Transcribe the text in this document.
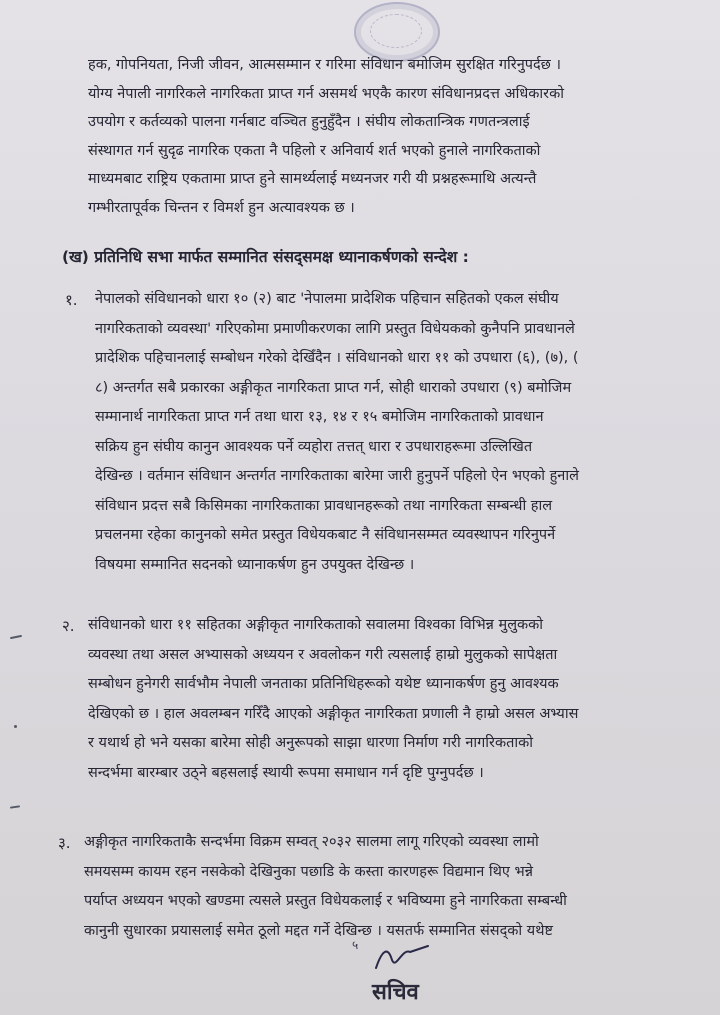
हक, गोपनियता, निजी जीवन, आत्मसम्मान र गरिमा संविधान बमोजिम सुरक्षित गरिनुपर्दछ ।
योग्य नेपाली नागरिकले नागरिकता प्राप्त गर्न असमर्थ भएकै कारण संविधानप्रदत्त अधिकारको
उपयोग र कर्तव्यको पालना गर्नबाट वञ्चित हुनुहुँदैन । संघीय लोकतान्त्रिक गणतन्त्रलाई
संस्थागत गर्न सुदृढ नागरिक एकता नै पहिलो र अनिवार्य शर्त भएको हुनाले नागरिकताको
माध्यमबाट राष्ट्रिय एकतामा प्राप्त हुने सामर्थ्यलाई मध्यनजर गरी यी प्रश्नहरूमाथि अत्यन्तै
गम्भीरतापूर्वक चिन्तन र विमर्श हुन अत्यावश्यक छ ।
(ख) प्रतिनिधि सभा मार्फत सम्मानित संसद्समक्ष ध्यानाकर्षणको सन्देश :
१. नेपालको संविधानको धारा १० (२) बाट 'नेपालमा प्रादेशिक पहिचान सहितको एकल संघीय
नागरिकताको व्यवस्था' गरिएकोमा प्रमाणीकरणका लागि प्रस्तुत विधेयकको कुनैपनि प्रावधानले
प्रादेशिक पहिचानलाई सम्बोधन गरेको देखिँदैन । संविधानको धारा ११ को उपधारा (६), (७), (
८) अन्तर्गत सबै प्रकारका अङ्गीकृत नागरिकता प्राप्त गर्न, सोही धाराको उपधारा (९) बमोजिम
सम्मानार्थ नागरिकता प्राप्त गर्न तथा धारा १३, १४ र १५ बमोजिम नागरिकताको प्रावधान
सक्रिय हुन संघीय कानुन आवश्यक पर्ने व्यहोरा तत्तत् धारा र उपधाराहरूमा उल्लिखित
देखिन्छ । वर्तमान संविधान अन्तर्गत नागरिकताका बारेमा जारी हुनुपर्ने पहिलो ऐन भएको हुनाले
संविधान प्रदत्त सबै किसिमका नागरिकताका प्रावधानहरूको तथा नागरिकता सम्बन्धी हाल
प्रचलनमा रहेका कानुनको समेत प्रस्तुत विधेयकबाट नै संविधानसम्मत व्यवस्थापन गरिनुपर्ने
विषयमा सम्मानित सदनको ध्यानाकर्षण हुन उपयुक्त देखिन्छ ।
२. संविधानको धारा ११ सहितका अङ्गीकृत नागरिकताको सवालमा विश्वका विभिन्न मुलुकको
व्यवस्था तथा असल अभ्यासको अध्ययन र अवलोकन गरी त्यसलाई हाम्रो मुलुकको सापेक्षता
सम्बोधन हुनेगरी सार्वभौम नेपाली जनताका प्रतिनिधिहरूको यथेष्ट ध्यानाकर्षण हुनु आवश्यक
देखिएको छ । हाल अवलम्बन गरिँदै आएको अङ्गीकृत नागरिकता प्रणाली नै हाम्रो असल अभ्यास
र यथार्थ हो भने यसका बारेमा सोही अनुरूपको साझा धारणा निर्माण गरी नागरिकताको
सन्दर्भमा बारम्बार उठ्ने बहसलाई स्थायी रूपमा समाधान गर्न दृष्टि पुग्नुपर्दछ ।
३. अङ्गीकृत नागरिकताकै सन्दर्भमा विक्रम सम्वत् २०३२ सालमा लागू गरिएको व्यवस्था लामो
समयसम्म कायम रहन नसकेको देखिनुका पछाडि के कस्ता कारणहरू विद्यमान थिए भन्ने
पर्याप्त अध्ययन भएको खण्डमा त्यसले प्रस्तुत विधेयकलाई र भविष्यमा हुने नागरिकता सम्बन्धी
कानुनी सुधारका प्रयासलाई समेत ठूलो मद्दत गर्ने देखिन्छ । यसतर्फ सम्मानित संसद्को यथेष्ट
५
सचिव
